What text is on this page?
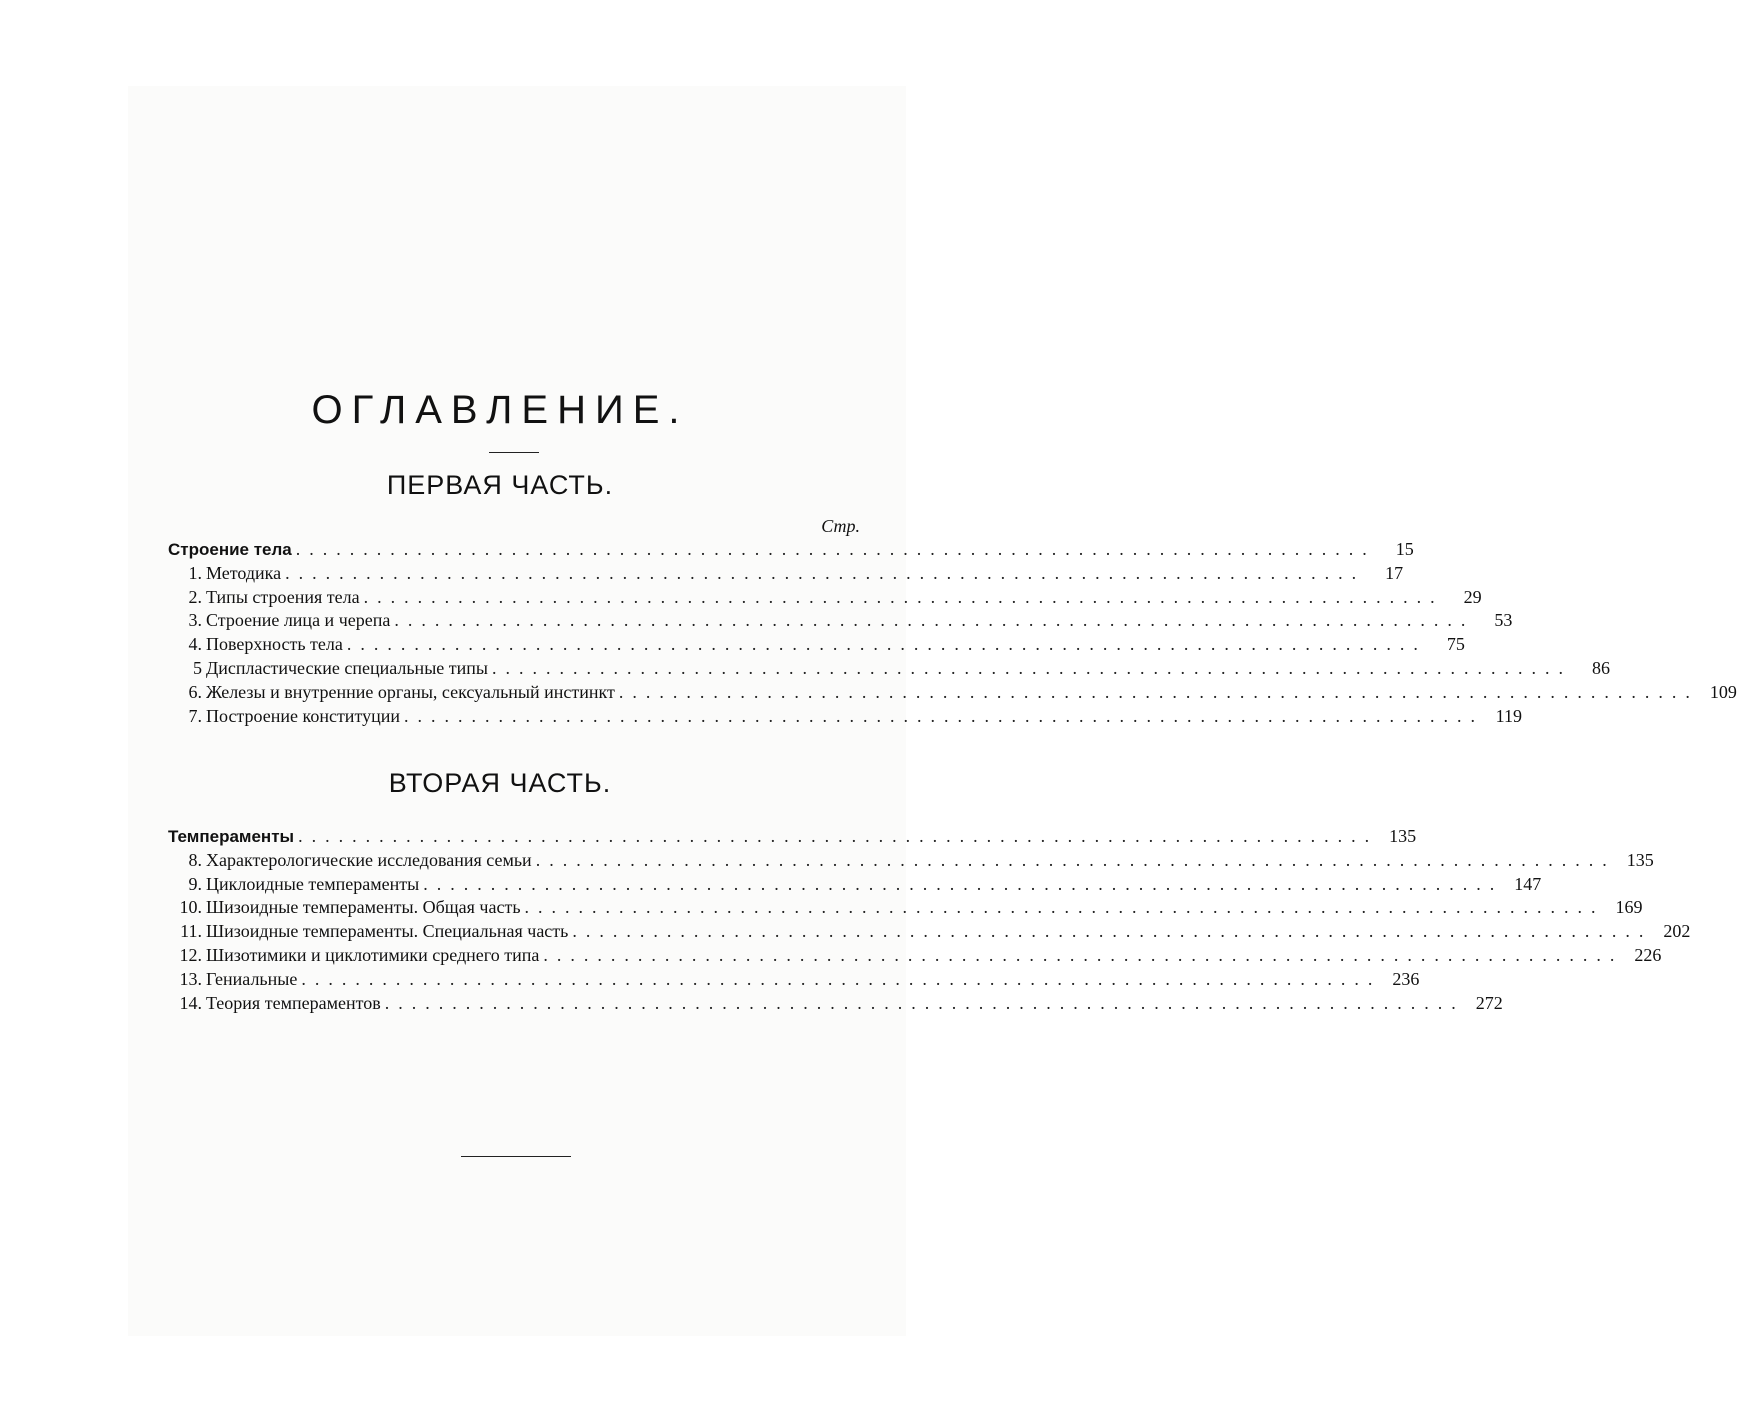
ОГЛАВЛЕНИЕ.
ПЕРВАЯ ЧАСТЬ.
Стр.
Строение тела ................................................................................	15
1. Методика ................................................................................	17
2. Типы строения тела ................................................................................	29
3. Строение лица и черепа ................................................................................	53
4. Поверхность тела ................................................................................	75
5 Диспластические специальные типы ................................................................................	86
6. Железы и внутренние органы, сексуальный инстинкт ................................................................................ 109
7. Построение конституции ................................................................................ 119
ВТОРАЯ ЧАСТЬ.
Темпераменты ................................................................................ 135
8. Характерологические исследования семьи ................................................................................ 135
9. Циклоидные темпераменты ................................................................................ 147
10. Шизоидные темпераменты. Общая часть ................................................................................ 169
11. Шизоидные темпераменты. Специальная часть ................................................................................ 202
12. Шизотимики и циклотимики среднего типа ................................................................................ 226
13. Гениальные ................................................................................ 236
14. Теория темпераментов ................................................................................ 272
